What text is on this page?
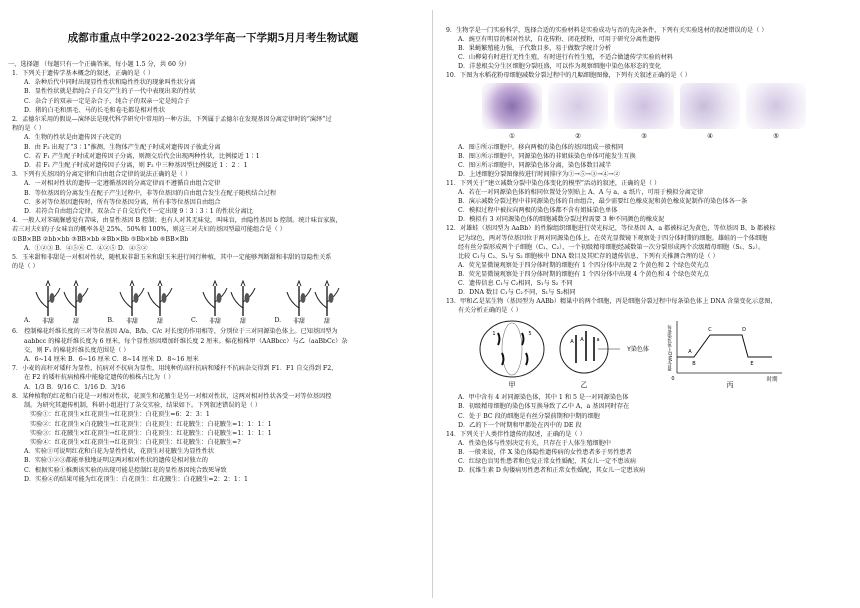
成都市重点中学2022-2023学年高一下学期5月月考生物试题
一、选择题 （每题只有一个正确答案，每小题 1.5 分，共 60 分）
1．下列关于遗传学基本概念的叙述，正确的是（ ）
A．杂种后代中同时出现显性性状和隐性性状的现象叫性状分离
B．显性性状就是指纯合子自交产生的子一代中表现出来的性状
C．杂合子的双亲一定是杂合子，纯合子的双亲一定是纯合子
D．猪的白毛和黑毛、马的长毛和卷毛都是相对性状
2．孟德尔采用的假说—演绎法是现代科学研究中常用的一种方法，下列属于孟德尔在发现基因分离定律时的“演绎”过
程的是（ ）
A．生物的性状是由遗传因子决定的
B．由 F₂ 出现了“3∶1”推测，生物体产生配子时成对遗传因子彼此分离
C．若 F₁ 产生配子时成对遗传因子分离，则测交后代会出现两种性状，比例接近 1∶1
D．若 F₁ 产生配子时成对遗传因子分离，则 F₂ 中三种基因型比例接近 1 ：2 ：1
3．下列有关基因的分离定律和自由组合定律的说法正确的是（ ）
A．一对相对性状的遗传一定遵循基因的分离定律而不遵循自由组合定律
B．等位基因的分离发生在配子产生过程中，非等位基因的自由组合发生在配子随机结合过程
C．多对等位基因遗传时，所有等位基因分离，所有非等位基因自由组合
D．若符合自由组合定律，双杂合子自交后代不一定出现 9∶3∶3∶1 的性状分离比
4．一般人对苯硫脲感觉有苦味，由显性基因 B 控制；也有人对其无味觉，叫味盲，由隐性基因 b 控制。统计味盲家族，
若三对夫妇的子女味盲的概率各是 25%、50%和 100%，则这三对夫妇的基因型最可能组合是（ ）
①BB×BB ②bb×bb ③BB×bb ④Bb×Bb ⑤Bb×bb ⑥BB×Bb
A．①②③ B．④⑤⑥ C．④②⑤ D．④⑤②
5．玉米甜和非甜是一对相对性状，随机取非甜玉米和甜玉米进行间行种植，其中一定能够判断甜和非甜的显隐性关系
的是（ ）
A. 非甜	甜	B. 非甜	甜	C. 非甜	甜	D. 非甜	甜
6． 控制棉花纤维长度的三对等位基因 A/a、B/b、C/c 对长度的作用相等，分别位于三对同源染色体上。已知基因型为
aabbcc 的棉花纤维长度为 6 厘米，每个显性基因增加纤维长度 2 厘米。棉花植株甲（AABbcc）与乙（aaBbCc）杂
交，则 F₁ 的棉花纤维长度范围是（ ）
A．6~14 厘米 B．6~16 厘米 C．8~14 厘米 D．8~16 厘米
7．小麦的高秆对矮秆为显性，抗病对不抗病为显性，用纯种的高秆抗病和矮秆不抗病杂交得到 F1．F1 自交得到 F2，
在 F2 的矮秆抗病植株中能稳定遗传的植株占比为（ ）
A．1/3 B．9/16 C．1/16 D．3/16
8．某种植物的红花和白花是一对相对性状，花顶生和花腋生是另一对相对性状，这两对相对性状各受一对等位基因控
制。为研究其遗传机制，科研小组进行了杂交实验，结果如下。下列叙述错误的是（ ）
实验①：红花顶生×红花顶生→红花顶生：白花顶生=6：2：3：1
实验②：红花顶生×白花腋生→红花顶生：白花顶生：红花腋生：白花腋生=1：1：1：1
实验③：红花腋生×红花顶生→红花顶生：白花顶生：红花腋生：白花腋生=1：1：1：1
实验④：红花顶生×红花顶生→红花顶生：白花顶生：红花腋生：白花腋生=?
A．实验①可说明红花和白花为显性性状，花顶生对花腋生为显性性状
B．实验①②③都能单独地证明这两对相对性状的遗传是相对独立的
C．根据实验①推测该实验的出现可能是控制红花的显性基因纯合致死导致
D．实验④的结果可能为红花顶生：白花顶生：红花腋生：白花腋生=2：2：1：1
9．生物学是一门实验科学，选择合适的实验材料是实验成功与否的先决条件，下列有关实验选材的叙述错误的是（ ）
A．豌豆有明显的相对性状，自花传粉、闭花授粉，可用于研究分离性遗传
B．果蝇繁殖能力强，子代数目多，易于做数学统计分析
C．山柳菊有时进行无性生殖，有时进行有性生殖，不适合做遗传学实验的材料
D．洋葱根尖分生区细胞分裂旺盛，可以作为观察细胞中染色体形态的变化
10．下图为水稻花粉母细胞减数分裂过程中的几幅细胞图像，下列有关叙述正确的是（ ）
①	②	③	④	⑤
A．图⑤所示细胞中，移向两极的染色体的基因组成一般相同
B．图③所示细胞中，同源染色体的非姐妹染色单体可能发生互换
C．图②所示细胞中，同源染色体分离，染色体数目减半
D．上述细胞分裂图像按进行时间排序为①→⑤→③→④→②
11．下列关于“建立减数分裂中染色体变化的模型”活动的叙述，正确的是（ ）
A．若在一对同源染色体的相同位置处分别贴上 A、A 与 a、a 纸片，可用于模拟分离定律
B．演示减数分裂过程中非同源染色体的自由组合，最少需要红色橡皮泥和黄色橡皮泥制作的染色体各一条
C．模拟过程中被拉向两极的染色体都不含有姐妹染色单体
D．模拟有 3 对同源染色体的细胞减数分裂过程需要 3 种不同颜色的橡皮泥
12．对雄蛙（基因型为 AaBb）的性腺组织细胞进行荧光标记，等位基因 A、a 都被标记为黄色，等位基因 B、b 都被标
记为绿色，两对等位基因位于两对同源染色体上，在荧光显微镜下观察处于四分体时期的细胞。雄蛙的一个体细胞
经有丝分裂形成两个子细胞（C₁、C₂），一个初级精母细胞经减数第一次分裂形成两个次级精母细胞（S₁、S₂）。
比较 C₁与 C₂、S₁与 S₂ 细胞核中 DNA 数目及其贮存的遗传信息，下列有关推测合理的是（ ）
A．荧光显微镜观察处于四分体时期的细胞有 1 个四分体中出现 2 个黄色和 2 个绿色荧光点
B．荧光显微镜观察处于四分体时期的细胞有 1 个四分体中出现 4 个黄色和 4 个绿色荧光点
C．遗传信息 C₁与 C₂相同，S₁与 S₂ 不同
D．DNA 数目 C₁与 C₂不同，S₁与 S₂相同
13．甲和乙是某生物（基因型为 AABb）精巢中的两个细胞，丙是细胞分裂过程中每条染色体上 DNA 含量变化示意图，
有关分析正确的是（ ）
1	5
甲
A A	a
Y染色体
乙
A
B
C	D
E
0	时期
每条染色体上DNA含量
丙
A．甲中含有 4 对同源染色体，其中 1 和 5 是一对同源染色体
B．初级精母细胞的染色体互换导致了乙中 A，a 基因同时存在
C．处于 BC 段的细胞是有丝分裂前期和中期的细胞
D．乙的下一个时期和甲都处在丙中的 DE 段
14．下列关于人类伴性遗传的叙述，正确的是（ ）
A．性染色体与性别决定有关，只存在于人体生殖细胞中
B．一般来说，伴 X 染色体隐性遗传病的女性患者多于男性患者
C．红绿色盲男性患者和色觉正常女性婚配，其女儿一定不患该病
D．抗维生素 D 佝偻病男性患者和正常女性婚配，其女儿一定患该病
